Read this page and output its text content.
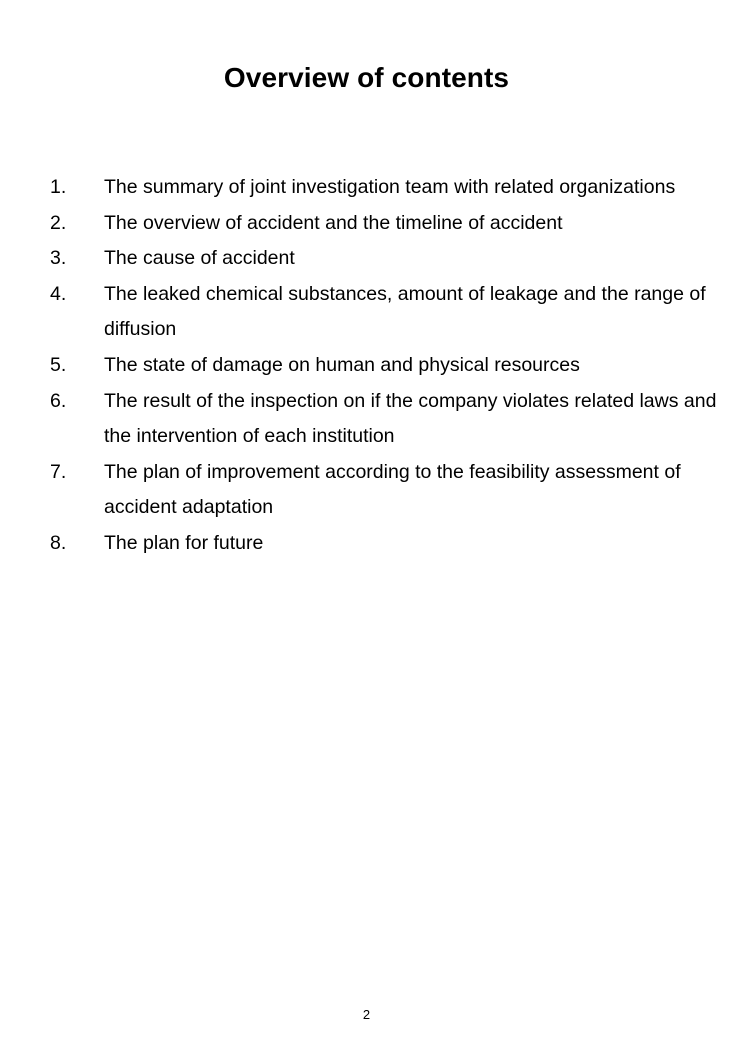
Overview of contents
1.	The summary of joint investigation team with related organizations
2.	The overview of accident and the timeline of accident
3.	The cause of accident
4.	The leaked chemical substances, amount of leakage and the range of diffusion
5.	The state of damage on human and physical resources
6.	The result of the inspection on if the company violates related laws and the intervention of each institution
7.	The plan of improvement according to the feasibility assessment of accident adaptation
8.	The plan for future
2
